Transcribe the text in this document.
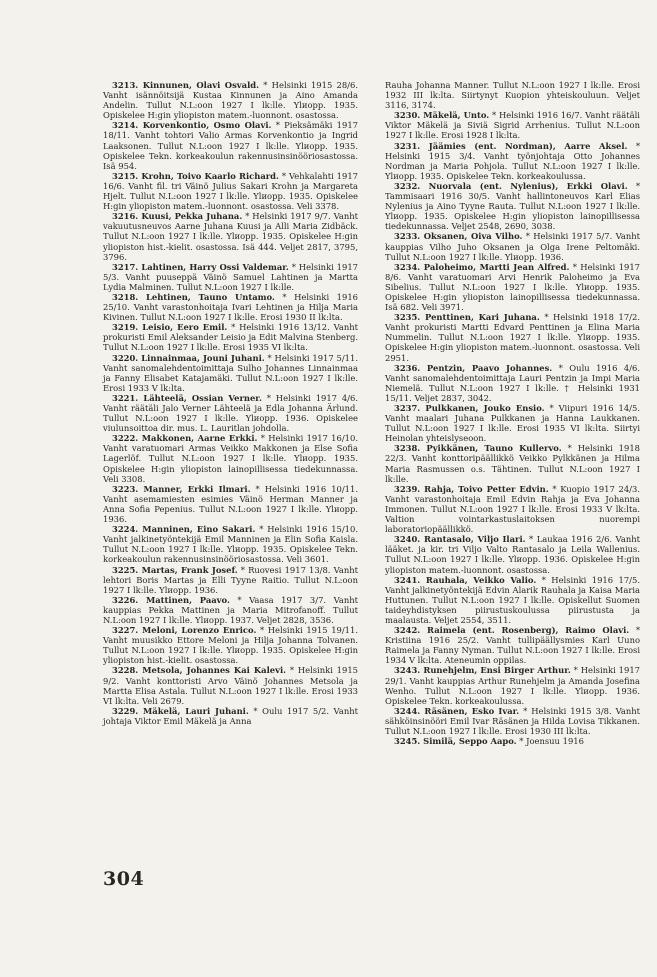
3213. Kinnunen, Olavi Osvald. * Helsinki 1915 28/6. Vanht isännöitsijä Kustaa Kinnunen ja Aino Amanda Andelin. Tullut N.L:oon 1927 I lk:lle. Ylиopp. 1935. Opiskelee H:gin yliopiston matem.-luonnont. osastossa.

3214. Korvenkontio, Osmo Olavi. * Pieksämäki 1917 18/11. Vanht tohtori Valio Armas Korvenkontio ja Ingrid Laaksonen. Tullut N.L:oon 1927 I lk:lle. Ylиopp. 1935. Opiskelee Tekn. korkeakoulun rakennusinsinööriosastossa. Isä 954.

3215. Krohn, Toivo Kaarlo Richard. * Vehkalahti 1917 16/6. Vanht fil. tri Väinö Julius Sakari Krohn ja Margareta Hjelt. Tullut N.L:oon 1927 I lk:lle. Ylиopp. 1935. Opiskelee H:gin yliopiston matem.-luonnont. osastossa. Veli 3378.

3216. Kuusi, Pekka Juhana. * Helsinki 1917 9/7. Vanht vakuutusneuvos Aarne Juhana Kuusi ja Alli Maria Zidbäck. Tullut N.L:oon 1927 I lk:lle. Ylиopp. 1935. Opiskelee H:gin yliopiston hist.-kielit. osastossa. Isä 444. Veljet 2817, 3795, 3796.

3217. Lahtinen, Harry Ossi Valdemar. * Helsinki 1917 5/3. Vanht puuseppä Väinö Samuel Lahtinen ja Martta Lydia Malminen. Tullut N.L:oon 1927 I lk:lle.

3218. Lehtinen, Tauno Untamo. * Helsinki 1916 25/10. Vanht varastonhoitaja Ivari Lehtinen ja Hilja Maria Kivinen. Tullut N.L:oon 1927 I lk:lle. Erosi 1930 II lk:lta.

3219. Leisio, Eero Emil. * Helsinki 1916 13/12. Vanht prokuristi Emil Aleksander Leisio ja Edit Malvina Stenberg. Tullut N.L:oon 1927 I lk:lle. Erosi 1935 VI lk:lta.

3220. Linnainmaa, Jouni Juhani. * Helsinki 1917 5/11. Vanht sanomalehdentoimittaja Sulho Johannes Linnainmaa ja Fanny Elisabet Katajamäki. Tullut N.L:oon 1927 I lk:lle. Erosi 1933 V lk:lta.

3221. Lähteelä, Ossian Verner. * Helsinki 1917 4/6. Vanht räätäli Jalo Verner Lähteelä ja Edla Johanna Ärlund. Tullut N.L:oon 1927 I lk:lle. Ylиopp. 1936. Opiskelee viulunsoittoa dir. mus. L. Lauritlan johdolla.

3222. Makkonen, Aarne Erkki. * Helsinki 1917 16/10. Vanht varatuomari Armas Veikko Makkonen ja Else Sofia Lagerlöf. Tullut N.L:oon 1927 I lk:lle. Ylиopp. 1935. Opiskelee H:gin yliopiston lainopillisessa tiedekunnassa. Veli 3308.

3223. Manner, Erkki Ilmari. * Helsinki 1916 10/11. Vanht asemamiesten esimies Väinö Herman Manner ja Anna Sofia Pepenius. Tullut N.L:oon 1927 I lk:lle. Ylиopp. 1936.

3224. Manninen, Eino Sakari. * Helsinki 1916 15/10. Vanht jalkinetyöntekijä Emil Manninen ja Elin Sofia Kaisla. Tullut N.L:oon 1927 I lk:lle. Ylиopp. 1935. Opiskelee Tekn. korkeakoulun rakennusinsinööriosastossa. Veli 3601.

3225. Martas, Frank Josef. * Ruovesi 1917 13/8. Vanht lehtori Boris Martas ja Elli Tyyne Raitio. Tullut N.L:oon 1927 I lk:lle. Ylиopp. 1936.

3226. Mattinen, Paavo. * Vaasa 1917 3/7. Vanht kauppias Pekka Mattinen ja Maria Mitrofanoff. Tullut N.L:oon 1927 I lk:lle. Ylиopp. 1937. Veljet 2828, 3536.

3227. Meloni, Lorenzo Enrico. * Helsinki 1915 19/11. Vanht muusikko Ettore Meloni ja Hilja Johanna Tolvanen. Tullut N.L:oon 1927 I lk:lle. Ylиopp. 1935. Opiskelee H:gin yliopiston hist.-kielit. osastossa.

3228. Metsola, Johannes Kai Kalevi. * Helsinki 1915 9/2. Vanht konttoristi Arvo Väinö Johannes Metsola ja Martta Elisa Astala. Tullut N.L:oon 1927 I lk:lle. Erosi 1933 VI lk:lta. Veli 2679.

3229. Mäkelä, Lauri Juhani. * Oulu 1917 5/2. Vanht johtaja Viktor Emil Mäkelä ja Anna

Rauha Johanna Manner. Tullut N.L:oon 1927 I lk:lle. Erosi 1932 III lk:lta. Siirtynyt Kuopion yhteiskouluun. Veljet 3116, 3174.

3230. Mäkelä, Unto. * Helsinki 1916 16/7. Vanht räätäli Viktor Mäkelä ja Siviä Sigrid Arrhenius. Tullut N.L:oon 1927 I lk:lle. Erosi 1928 I lk:lta.

3231. Jäämies (ent. Nordman), Aarre Aksel. * Helsinki 1915 3/4. Vanht työnjohtaja Otto Johannes Nordman ja Maria Pohjola. Tullut N.L:oon 1927 I lk:lle. Ylиopp. 1935. Opiskelee Tekn. korkeakoulussa.

3232. Nuorvala (ent. Nylenius), Erkki Olavi. * Tammisaari 1916 30/5. Vanht hallintoneuvos Karl Elias Nylenius ja Aino Tyyne Rauta. Tullut N.L:oon 1927 I lk:lle. Ylиopp. 1935. Opiskelee H:gin yliopiston lainopillisessa tiedekunnassa. Veljet 2548, 2690, 3038.

3233. Oksanen, Oiva Vilho. * Helsinki 1917 5/7. Vanht kauppias Vilho Juho Oksanen ja Olga Irene Peltomäki. Tullut N.L:oon 1927 I lk:lle. Ylиopp. 1936.

3234. Paloheimo, Martti Jean Alfred. * Helsinki 1917 8/6. Vanht varatuomari Arvi Henrik Paloheimo ja Eva Sibelius. Tullut N.L:oon 1927 I lk:lle. Ylиopp. 1935. Opiskelee H:gin yliopiston lainopillisessa tiedekunnassa. Isä 682. Veli 3971.

3235. Penttinen, Kari Juhana. * Helsinki 1918 17/2. Vanht prokuristi Martti Edvard Penttinen ja Elina Maria Nummelin. Tullut N.L:oon 1927 I lk:lle. Ylиopp. 1935. Opiskelee H:gin yliopiston matem.-luonnont. osastossa. Veli 2951.

3236. Pentzin, Paavo Johannes. * Oulu 1916 4/6. Vanht sanomalehdentoimittaja Lauri Pentzin ja Impi Maria Niemelä. Tullut N.L:oon 1927 I lk:lle. † Helsinki 1931 15/11. Veljet 2837, 3042.

3237. Pulkkanen, Jouko Ensio. * Viipuri 1916 14/5. Vanht maalari Juhana Pulkkanen ja Hanna Laukkanen. Tullut N.L:oon 1927 I lk:lle. Erosi 1935 VI lk:lta. Siirtyi Heinolan yhteislyseoon.

3238. Pyikkänen, Tauno Kullervo. * Helsinki 1918 22/3. Vanht konttoripäällikkö Veikko Pylkkänen ja Hilma Maria Rasmussen o.s. Tähtinen. Tullut N.L:oon 1927 I lk:lle.

3239. Rahja, Toivo Petter Edvin. * Kuopio 1917 24/3. Vanht varastonhoitaja Emil Edvin Rahja ja Eva Johanna Immonen. Tullut N.L:oon 1927 I lk:lle. Erosi 1933 V lk:lta. Valtion vointarkastuslaitoksen nuorempi laboratoriopäällikkö.

3240. Rantasalo, Viljo Ilari. * Laukaa 1916 2/6. Vanht lääket. ja kir. tri Viljo Valto Rantasalo ja Leila Wallenius. Tullut N.L:oon 1927 I lk:lle. Ylиopp. 1936. Opiskelee H:gin yliopiston matem.-luonnont. osastossa.

3241. Rauhala, Veikko Valio. * Helsinki 1916 17/5. Vanht jalkinetyöntekijä Edvin Alarik Rauhala ja Kaisa Maria Huttunen. Tullut N.L:oon 1927 I lk:lle. Opiskellut Suomen taideyhdistyksen piirustuskoulussa piirustusta ja maalausta. Veljet 2554, 3511.

3242. Raimela (ent. Rosenberg), Raimo Olavi. * Kristiina 1916 25/2. Vanht tullipäällysmies Karl Uuno Raimela ja Fanny Nyman. Tullut N.L:oon 1927 I lk:lle. Erosi 1934 V lk:lta. Ateneumin oppilas.

3243. Runehjelm, Ensi Birger Arthur. * Helsinki 1917 29/1. Vanht kauppias Arthur Runehjelm ja Amanda Josefina Wenho. Tullut N.L:oon 1927 I lk:lle. Ylиopp. 1936. Opiskelee Tekn. korkeakoulussa.

3244. Räsänen, Esko Ivar. * Helsinki 1915 3/8. Vanht sähköinsinööri Emil Ivar Räsänen ja Hilda Lovisa Tikkanen. Tullut N.L:oon 1927 I lk:lle. Erosi 1930 III lk:lta.

3245. Similä, Seppo Aapo. * Joensuu 1916

304
